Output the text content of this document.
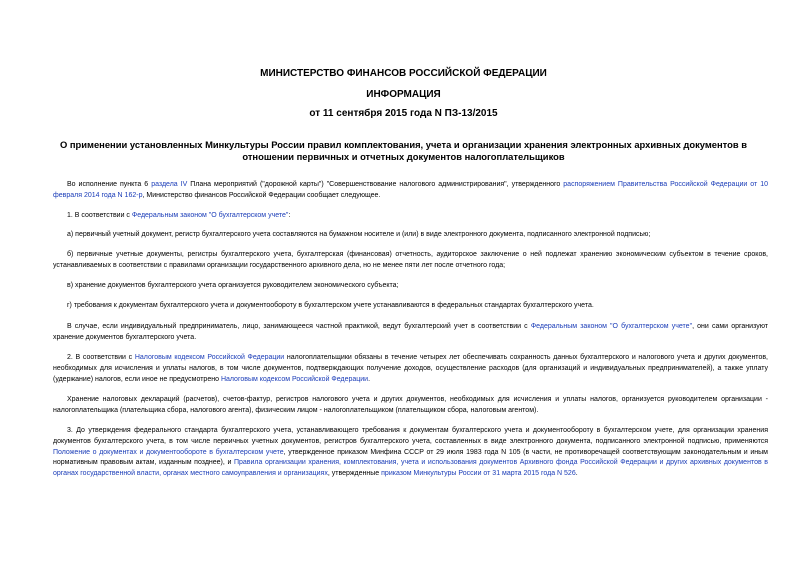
МИНИСТЕРСТВО ФИНАНСОВ РОССИЙСКОЙ ФЕДЕРАЦИИ
ИНФОРМАЦИЯ
от 11 сентября 2015 года N ПЗ-13/2015
О применении установленных Минкультуры России правил комплектования, учета и организации хранения электронных архивных документов в отношении первичных и отчетных документов налогоплательщиков
Во исполнение пункта 6 раздела IV Плана мероприятий ("дорожной карты") "Совершенствование налогового администрирования", утвержденного распоряжением Правительства Российской Федерации от 10 февраля 2014 года N 162-р, Министерство финансов Российской Федерации сообщает следующее.
1. В соответствии с Федеральным законом "О бухгалтерском учете":
а) первичный учетный документ, регистр бухгалтерского учета составляются на бумажном носителе и (или) в виде электронного документа, подписанного электронной подписью;
б) первичные учетные документы, регистры бухгалтерского учета, бухгалтерская (финансовая) отчетность, аудиторское заключение о ней подлежат хранению экономическим субъектом в течение сроков, устанавливаемых в соответствии с правилами организации государственного архивного дела, но не менее пяти лет после отчетного года;
в) хранение документов бухгалтерского учета организуется руководителем экономического субъекта;
г) требования к документам бухгалтерского учета и документообороту в бухгалтерском учете устанавливаются в федеральных стандартах бухгалтерского учета.
В случае, если индивидуальный предприниматель, лицо, занимающееся частной практикой, ведут бухгалтерский учет в соответствии с Федеральным законом "О бухгалтерском учете", они сами организуют хранение документов бухгалтерского учета.
2. В соответствии с Налоговым кодексом Российской Федерации налогоплательщики обязаны в течение четырех лет обеспечивать сохранность данных бухгалтерского и налогового учета и других документов, необходимых для исчисления и уплаты налогов, в том числе документов, подтверждающих получение доходов, осуществление расходов (для организаций и индивидуальных предпринимателей), а также уплату (удержание) налогов, если иное не предусмотрено Налоговым кодексом Российской Федерации.
Хранение налоговых деклараций (расчетов), счетов-фактур, регистров налогового учета и других документов, необходимых для исчисления и уплаты налогов, организуется руководителем организации - налогоплательщика (плательщика сбора, налогового агента), физическим лицом - налогоплательщиком (плательщиком сбора, налоговым агентом).
3. До утверждения федерального стандарта бухгалтерского учета, устанавливающего требования к документам бухгалтерского учета и документообороту в бухгалтерском учете, для организации хранения документов бухгалтерского учета, в том числе первичных учетных документов, регистров бухгалтерского учета, составленных в виде электронного документа, подписанного электронной подписью, применяются Положение о документах и документообороте в бухгалтерском учете, утвержденное приказом Минфина СССР от 29 июля 1983 года N 105 (в части, не противоречащей соответствующим законодательным и иным нормативным правовым актам, изданным позднее), и Правила организации хранения, комплектования, учета и использования документов Архивного фонда Российской Федерации и других архивных документов в органах государственной власти, органах местного самоуправления и организациях, утвержденные приказом Минкультуры России от 31 марта 2015 года N 526.
